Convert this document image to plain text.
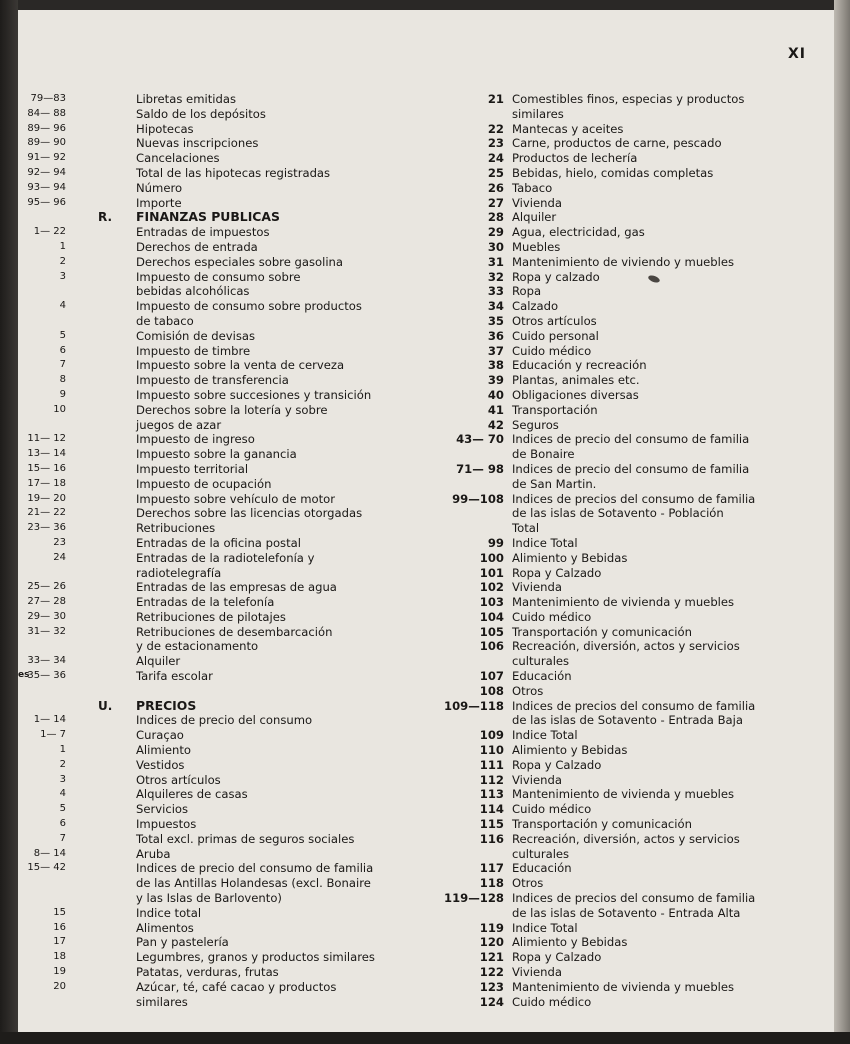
XI
es
79—83	Libretas emitidas
84— 88	Saldo de los depósitos
89— 96	Hipotecas
89— 90	Nuevas inscripciones
91— 92	Cancelaciones
92— 94	Total de las hipotecas registradas
93— 94	Número
95— 96	Importe
R. FINANZAS PUBLICAS
1— 22	Entradas de impuestos
1	Derechos de entrada
2	Derechos especiales sobre gasolina
3	Impuesto de consumo sobre
bebidas alcohólicas
4	Impuesto de consumo sobre productos
de tabaco
5	Comisión de devisas
6	Impuesto de timbre
7	Impuesto sobre la venta de cerveza
8	Impuesto de transferencia
9	Impuesto sobre succesiones y transición
10	Derechos sobre la lotería y sobre
juegos de azar
11— 12	Impuesto de ingreso
13— 14	Impuesto sobre la ganancia
15— 16	Impuesto territorial
17— 18	Impuesto de ocupación
19— 20	Impuesto sobre vehículo de motor
21— 22	Derechos sobre las licencias otorgadas
23— 36	Retribuciones
23	Entradas de la oficina postal
24	Entradas de la radiotelefonía y
radiotelegrafía
25— 26	Entradas de las empresas de agua
27— 28	Entradas de la telefonía
29— 30	Retribuciones de pilotajes
31— 32	Retribuciones de desembarcación
y de estacionamento
33— 34	Alquiler
35— 36	Tarifa escolar
U. PRECIOS
1— 14	Indices de precio del consumo
1— 7	Curaçao
1	Alimiento
2	Vestidos
3	Otros artículos
4	Alquileres de casas
5	Servicios
6	Impuestos
7	Total excl. primas de seguros sociales
8— 14	Aruba
15— 42	Indices de precio del consumo de familia
de las Antillas Holandesas (excl. Bonaire
y las Islas de Barlovento)
15	Indice total
16	Alimentos
17	Pan y pastelería
18	Legumbres, granos y productos similares
19	Patatas, verduras, frutas
20	Azúcar, té, café cacao y productos
similares
21 Comestibles finos, especias y productos
similares
22 Mantecas y aceites
23 Carne, productos de carne, pescado
24 Productos de lechería
25 Bebidas, hielo, comidas completas
26 Tabaco
27 Vivienda
28 Alquiler
29 Agua, electricidad, gas
30 Muebles
31 Mantenimiento de viviendo y muebles
32 Ropa y calzado
33 Ropa
34 Calzado
35 Otros artículos
36 Cuido personal
37 Cuido médico
38 Educación y recreación
39 Plantas, animales etc.
40 Obligaciones diversas
41 Transportación
42 Seguros
43— 70 Indices de precio del consumo de familia
de Bonaire
71— 98 Indices de precio del consumo de familia
de San Martin.
99—108 Indices de precios del consumo de familia
de las islas de Sotavento - Población
Total
99 Indice Total
100 Alimiento y Bebidas
101 Ropa y Calzado
102 Vivienda
103 Mantenimiento de vivienda y muebles
104 Cuido médico
105 Transportación y comunicación
106 Recreación, diversión, actos y servicios
culturales
107 Educación
108 Otros
109—118 Indices de precios del consumo de familia
de las islas de Sotavento - Entrada Baja
109 Indice Total
110 Alimiento y Bebidas
111 Ropa y Calzado
112 Vivienda
113 Mantenimiento de vivienda y muebles
114 Cuido médico
115 Transportación y comunicación
116 Recreación, diversión, actos y servicios
culturales
117 Educación
118 Otros
119—128 Indices de precios del consumo de familia
de las islas de Sotavento - Entrada Alta
119 Indice Total
120 Alimiento y Bebidas
121 Ropa y Calzado
122 Vivienda
123 Mantenimiento de vivienda y muebles
124 Cuido médico
